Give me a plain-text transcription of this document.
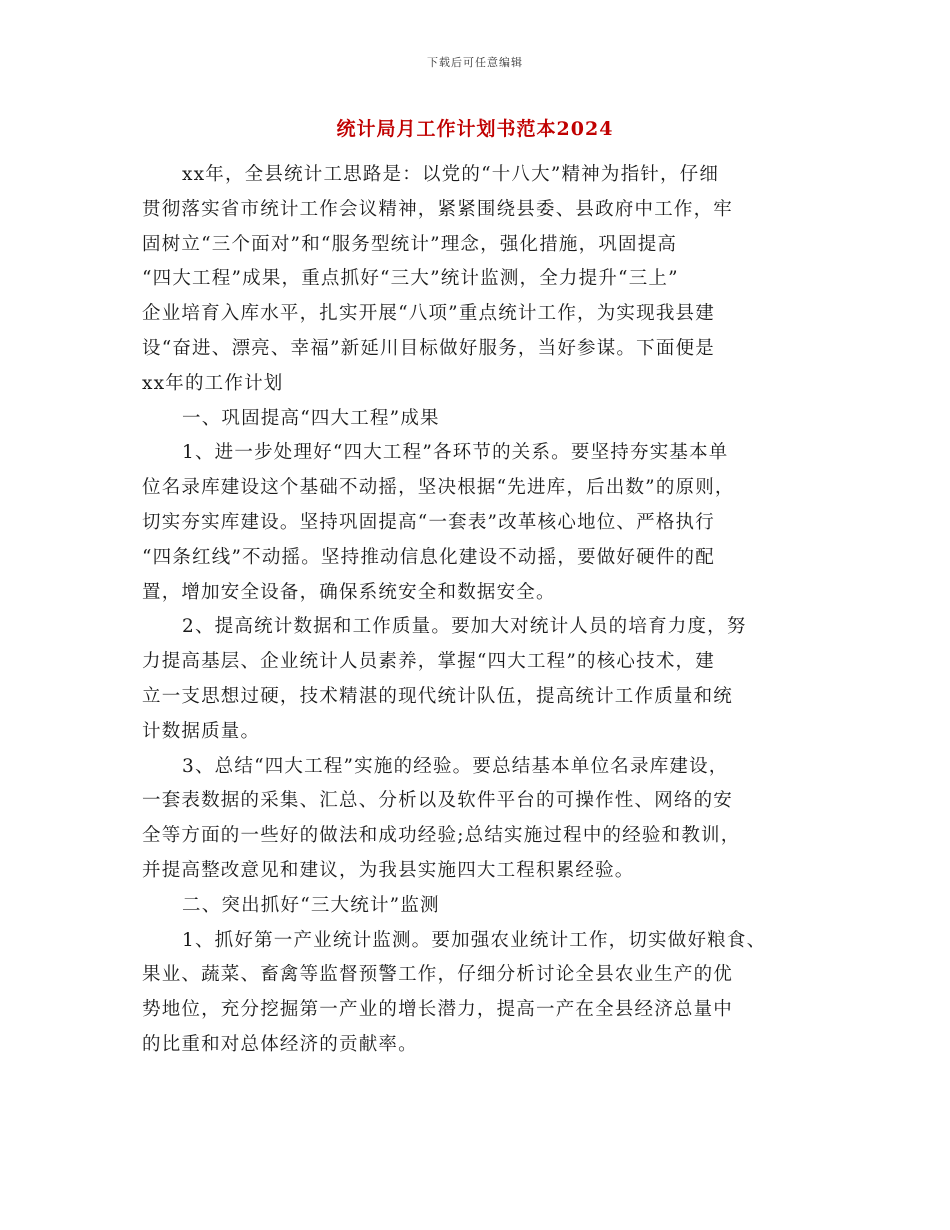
下载后可任意编辑
统计局月工作计划书范本2024
xx年，全县统计工思路是：以党的“十八大”精神为指针，仔细
贯彻落实省市统计工作会议精神，紧紧围绕县委、县政府中工作，牢
固树立“三个面对”和“服务型统计”理念，强化措施，巩固提高
“四大工程”成果，重点抓好“三大”统计监测，全力提升“三上”
企业培育入库水平，扎实开展“八项”重点统计工作，为实现我县建
设“奋进、漂亮、幸福”新延川目标做好服务，当好参谋。下面便是
xx年的工作计划
一、巩固提高“四大工程”成果
1、进一步处理好“四大工程”各环节的关系。要坚持夯实基本单
位名录库建设这个基础不动摇，坚决根据“先进库，后出数”的原则，
切实夯实库建设。坚持巩固提高“一套表”改革核心地位、严格执行
“四条红线”不动摇。坚持推动信息化建设不动摇，要做好硬件的配
置，增加安全设备，确保系统安全和数据安全。
2、提高统计数据和工作质量。要加大对统计人员的培育力度，努
力提高基层、企业统计人员素养，掌握“四大工程”的核心技术，建
立一支思想过硬，技术精湛的现代统计队伍，提高统计工作质量和统
计数据质量。
3、总结“四大工程”实施的经验。要总结基本单位名录库建设，
一套表数据的采集、汇总、分析以及软件平台的可操作性、网络的安
全等方面的一些好的做法和成功经验;总结实施过程中的经验和教训，
并提高整改意见和建议，为我县实施四大工程积累经验。
二、突出抓好“三大统计”监测
1、抓好第一产业统计监测。要加强农业统计工作，切实做好粮食、
果业、蔬菜、畜禽等监督预警工作，仔细分析讨论全县农业生产的优
势地位，充分挖掘第一产业的增长潜力，提高一产在全县经济总量中
的比重和对总体经济的贡献率。
